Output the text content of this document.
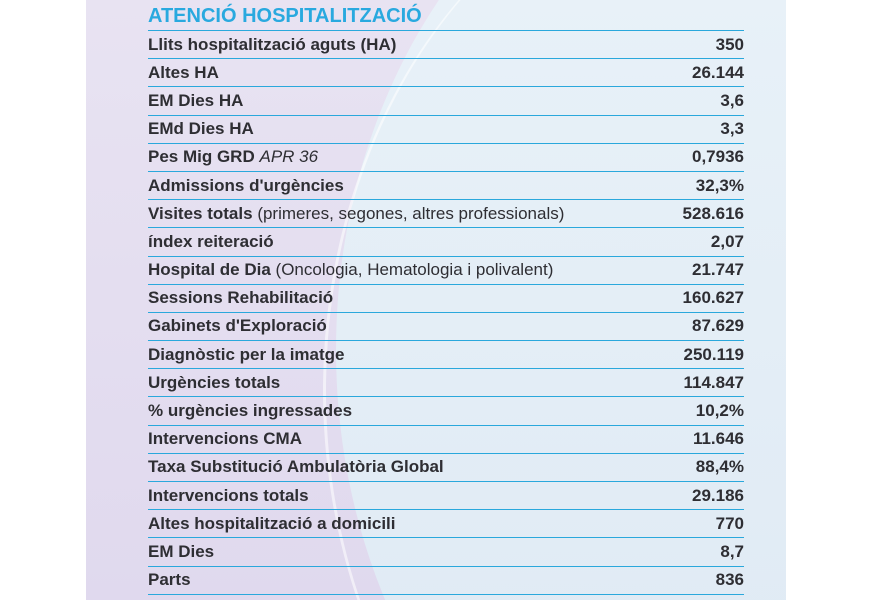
ATENCIÓ HOSPITALITZACIÓ
Llits hospitalització aguts (HA)	350
Altes HA	26.144
EM Dies HA	3,6
EMd Dies HA	3,3
Pes Mig GRD APR 36	0,7936
Admissions d'urgències	32,3%
Visites totals (primeres, segones, altres professionals)	528.616
índex reiteració	2,07
Hospital de Dia (Oncologia, Hematologia i polivalent)	21.747
Sessions Rehabilitació	160.627
Gabinets d'Exploració	87.629
Diagnòstic per la imatge	250.119
Urgències totals	114.847
% urgències ingressades	10,2%
Intervencions CMA	11.646
Taxa Substitució Ambulatòria Global	88,4%
Intervencions totals	29.186
Altes hospitalització a domicili	770
EM Dies	8,7
Parts	836
